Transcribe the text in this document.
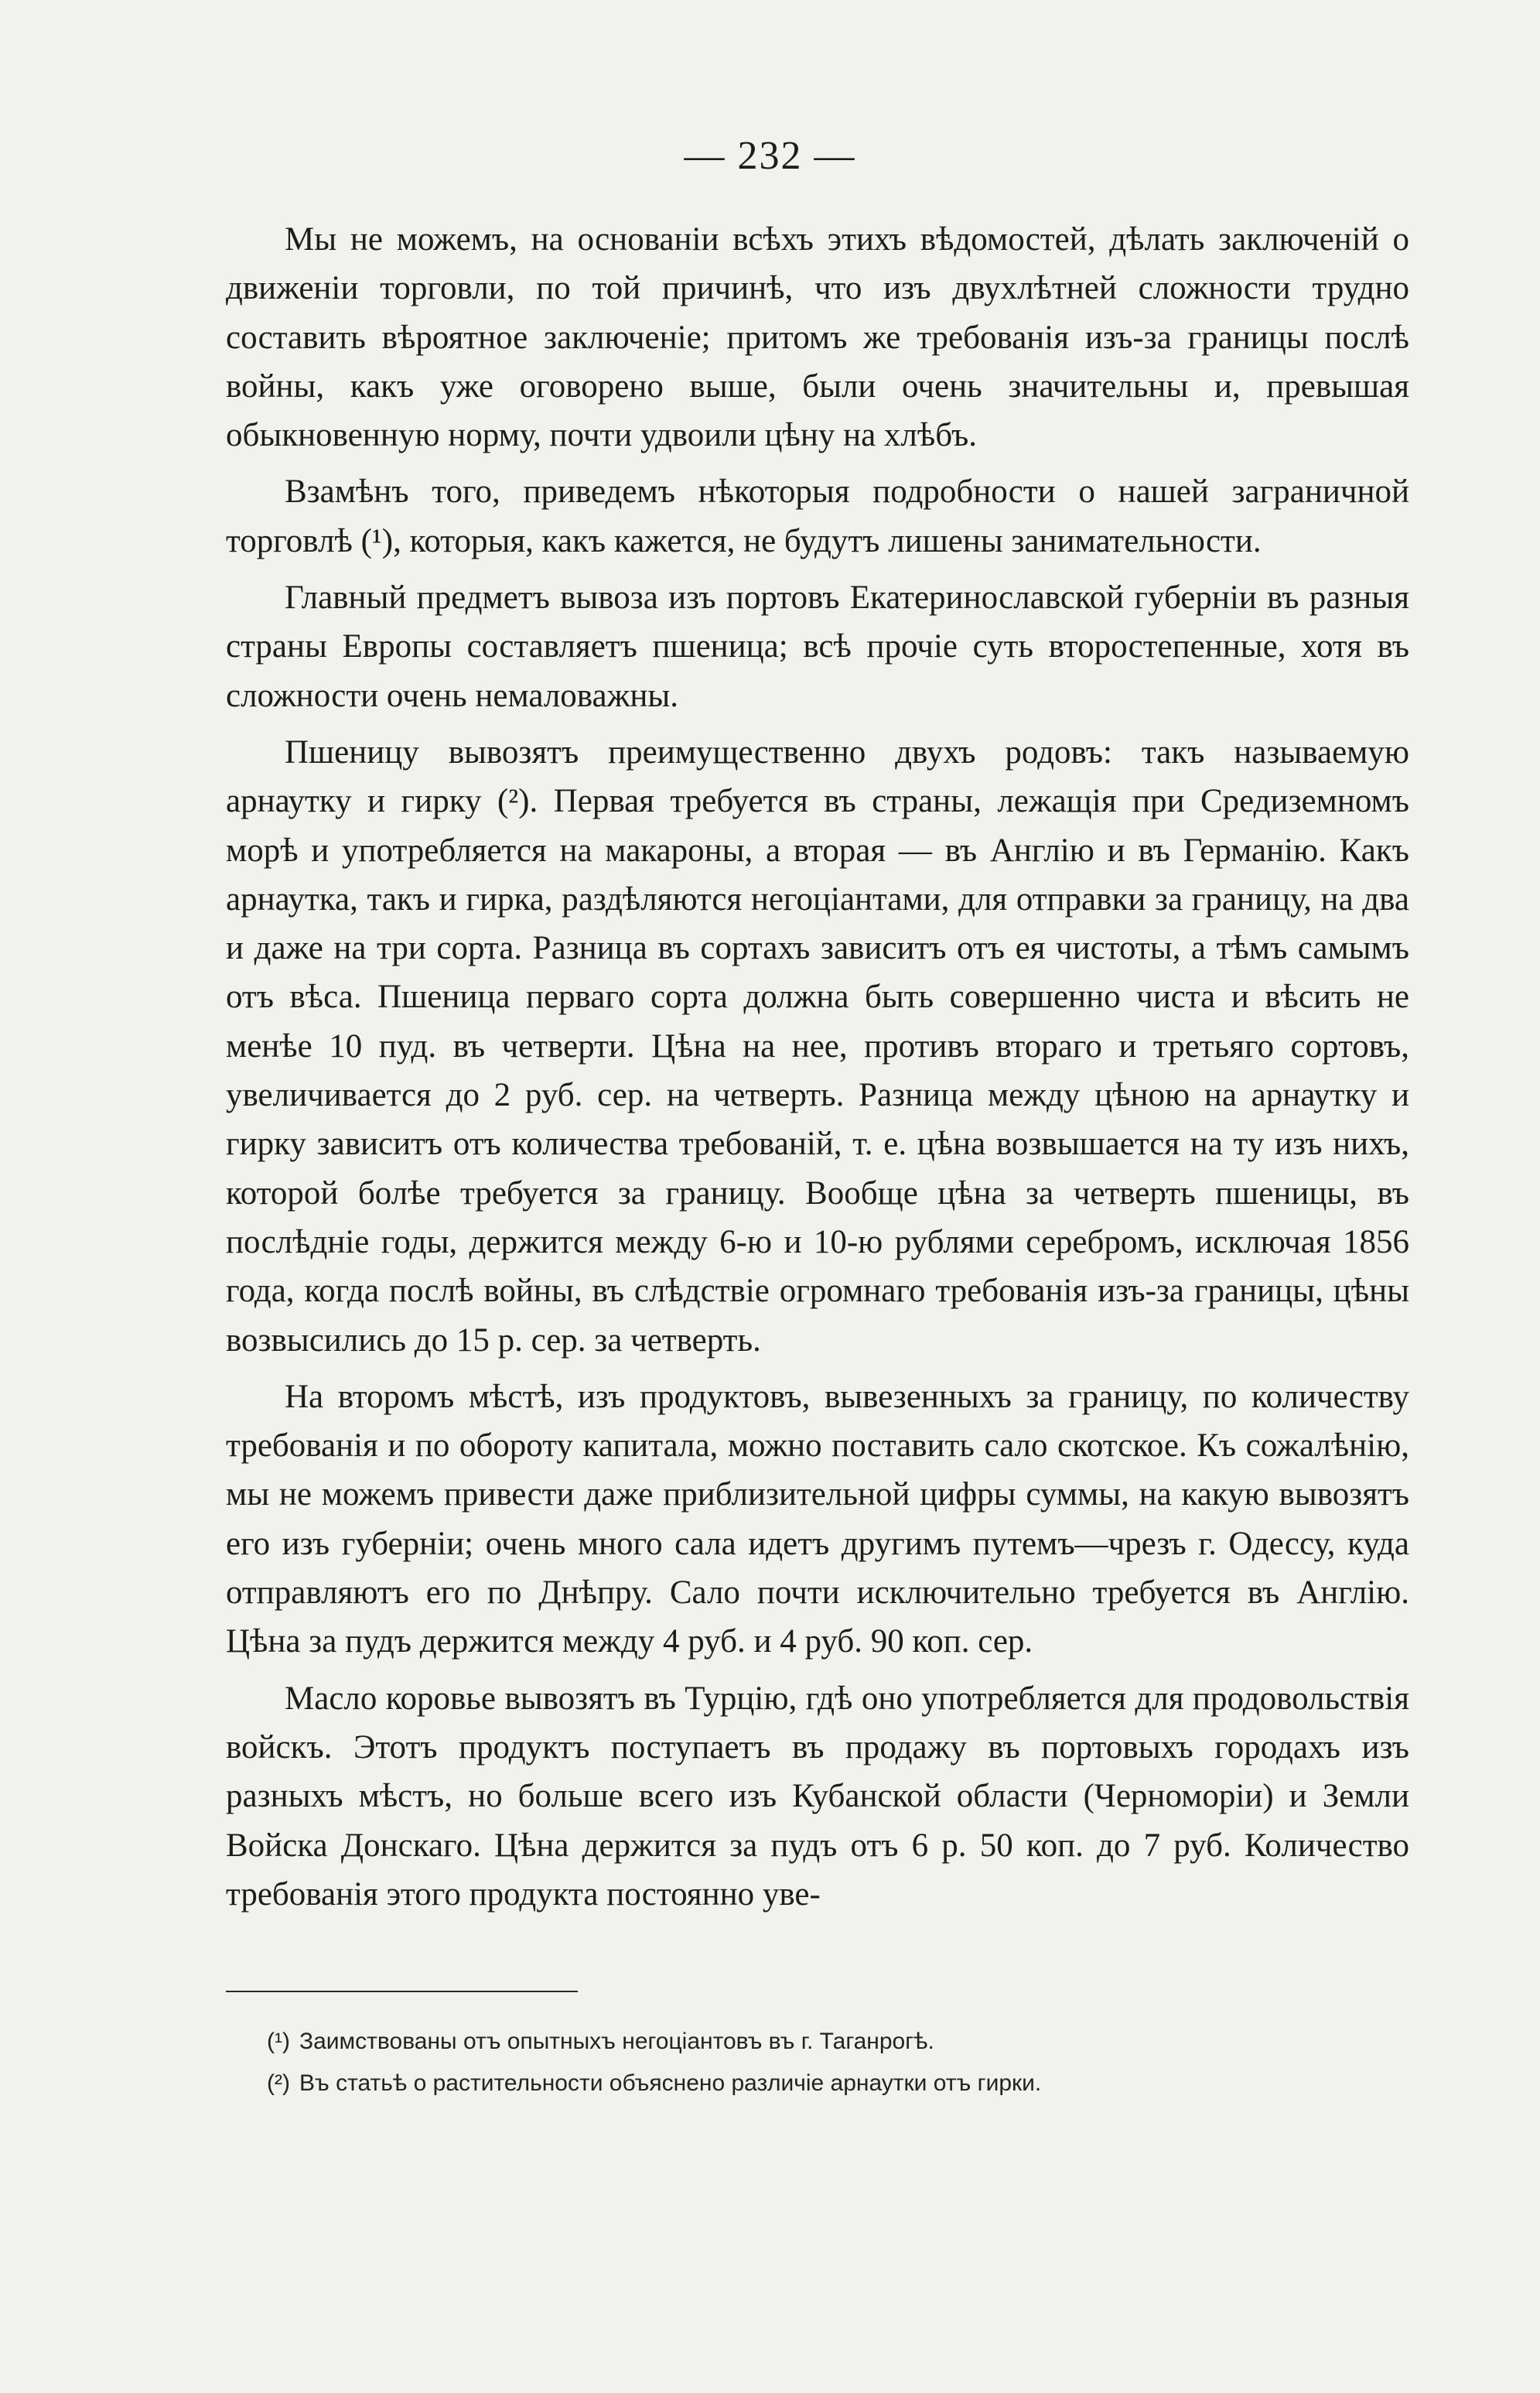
— 232 —

Мы не можемъ, на основанiи всѣхъ этихъ вѣдомостей, дѣлать заключенiй о движенiи торговли, по той причинѣ, что изъ двухлѣтней сложности трудно составить вѣроятное заключенiе; притомъ же требованiя изъ-за границы послѣ войны, какъ уже оговорено выше, были очень значительны и, превышая обыкновенную норму, почти удвоили цѣну на хлѣбъ.

Взамѣнъ того, приведемъ нѣкоторыя подробности о нашей заграничной торговлѣ (¹), которыя, какъ кажется, не будутъ лишены занимательности.

Главный предметъ вывоза изъ портовъ Екатеринославской губернiи въ разныя страны Европы составляетъ пшеница; всѣ прочiе суть второстепенные, хотя въ сложности очень немаловажны.

Пшеницу вывозятъ преимущественно двухъ родовъ: такъ называемую арнаутку и гирку (²). Первая требуется въ страны, лежащiя при Средиземномъ морѣ и употребляется на макароны, а вторая — въ Англiю и въ Германiю. Какъ арнаутка, такъ и гирка, раздѣляются негоцiантами, для отправки за границу, на два и даже на три сорта. Разница въ сортахъ зависитъ отъ ея чистоты, а тѣмъ самымъ отъ вѣса. Пшеница перваго сорта должна быть совершенно чиста и вѣсить не менѣе 10 пуд. въ четверти. Цѣна на нее, противъ втораго и третьяго сортовъ, увеличивается до 2 руб. сер. на четверть. Разница между цѣною на арнаутку и гирку зависитъ отъ количества требованiй, т. е. цѣна возвышается на ту изъ нихъ, которой болѣе требуется за границу. Вообще цѣна за четверть пшеницы, въ послѣднiе годы, держится между 6-ю и 10-ю рублями серебромъ, исключая 1856 года, когда послѣ войны, въ слѣдствiе огромнаго требованiя изъ-за границы, цѣны возвысились до 15 р. сер. за четверть.

На второмъ мѣстѣ, изъ продуктовъ, вывезенныхъ за границу, по количеству требованiя и по обороту капитала, можно поставить сало скотское. Къ сожалѣнiю, мы не можемъ привести даже приблизительной цифры суммы, на какую вывозятъ его изъ губернiи; очень много сала идетъ другимъ путемъ—чрезъ г. Одессу, куда отправляютъ его по Днѣпру. Сало почти исключительно требуется въ Англiю. Цѣна за пудъ держится между 4 руб. и 4 руб. 90 коп. сер.

Масло коровье вывозятъ въ Турцiю, гдѣ оно употребляется для продовольствiя войскъ. Этотъ продуктъ поступаетъ въ продажу въ портовыхъ городахъ изъ разныхъ мѣстъ, но больше всего изъ Кубанской области (Черноморiи) и Земли Войска Донскаго. Цѣна держится за пудъ отъ 6 р. 50 коп. до 7 руб. Количество требованiя этого продукта постоянно уве-

(¹) Заимствованы отъ опытныхъ негоцiантовъ въ г. Таганрогѣ.

(²) Въ статьѣ о растительности объяснено различiе арнаутки отъ гирки.
